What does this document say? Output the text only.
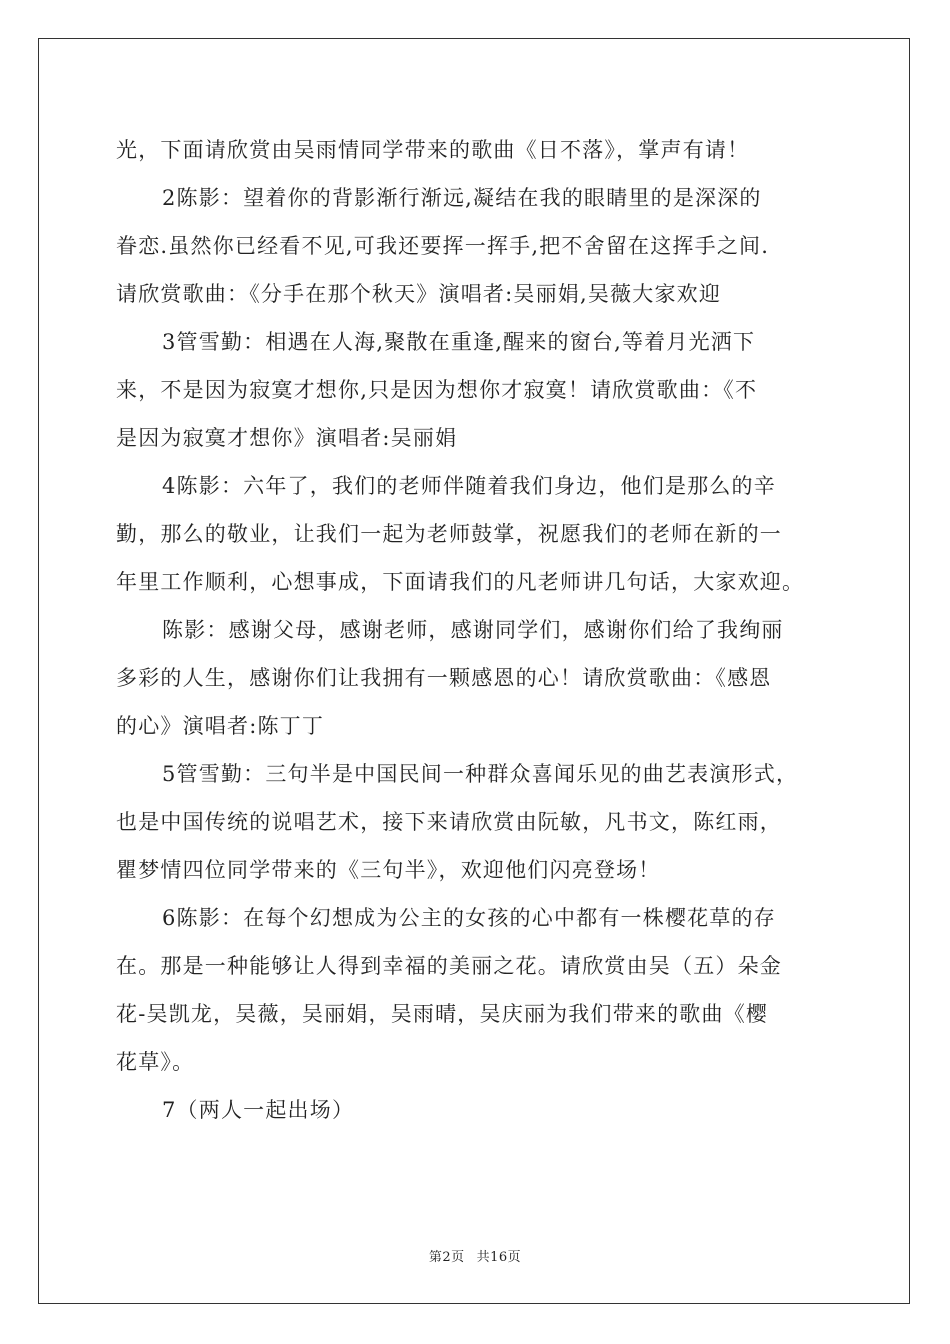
光，下面请欣赏由吴雨情同学带来的歌曲《日不落》，掌声有请！
2陈影：望着你的背影渐行渐远,凝结在我的眼睛里的是深深的
眷恋.虽然你已经看不见,可我还要挥一挥手,把不舍留在这挥手之间.
请欣赏歌曲：《分手在那个秋天》演唱者:吴丽娟,吴薇大家欢迎
3管雪勤：相遇在人海,聚散在重逢,醒来的窗台,等着月光洒下
来，不是因为寂寞才想你,只是因为想你才寂寞！请欣赏歌曲：《不
是因为寂寞才想你》演唱者:吴丽娟
4陈影：六年了，我们的老师伴随着我们身边，他们是那么的辛
勤，那么的敬业，让我们一起为老师鼓掌，祝愿我们的老师在新的一
年里工作顺利，心想事成，下面请我们的凡老师讲几句话，大家欢迎。
陈影：感谢父母，感谢老师，感谢同学们，感谢你们给了我绚丽
多彩的人生，感谢你们让我拥有一颗感恩的心！请欣赏歌曲：《感恩
的心》演唱者:陈丁丁
5管雪勤：三句半是中国民间一种群众喜闻乐见的曲艺表演形式，
也是中国传统的说唱艺术，接下来请欣赏由阮敏，凡书文，陈红雨，
瞿梦情四位同学带来的《三句半》，欢迎他们闪亮登场！
6陈影：在每个幻想成为公主的女孩的心中都有一株樱花草的存
在。那是一种能够让人得到幸福的美丽之花。请欣赏由吴（五）朵金
花-吴凯龙，吴薇，吴丽娟，吴雨晴，吴庆丽为我们带来的歌曲《樱
花草》。
7（两人一起出场）
第2页 共16页
